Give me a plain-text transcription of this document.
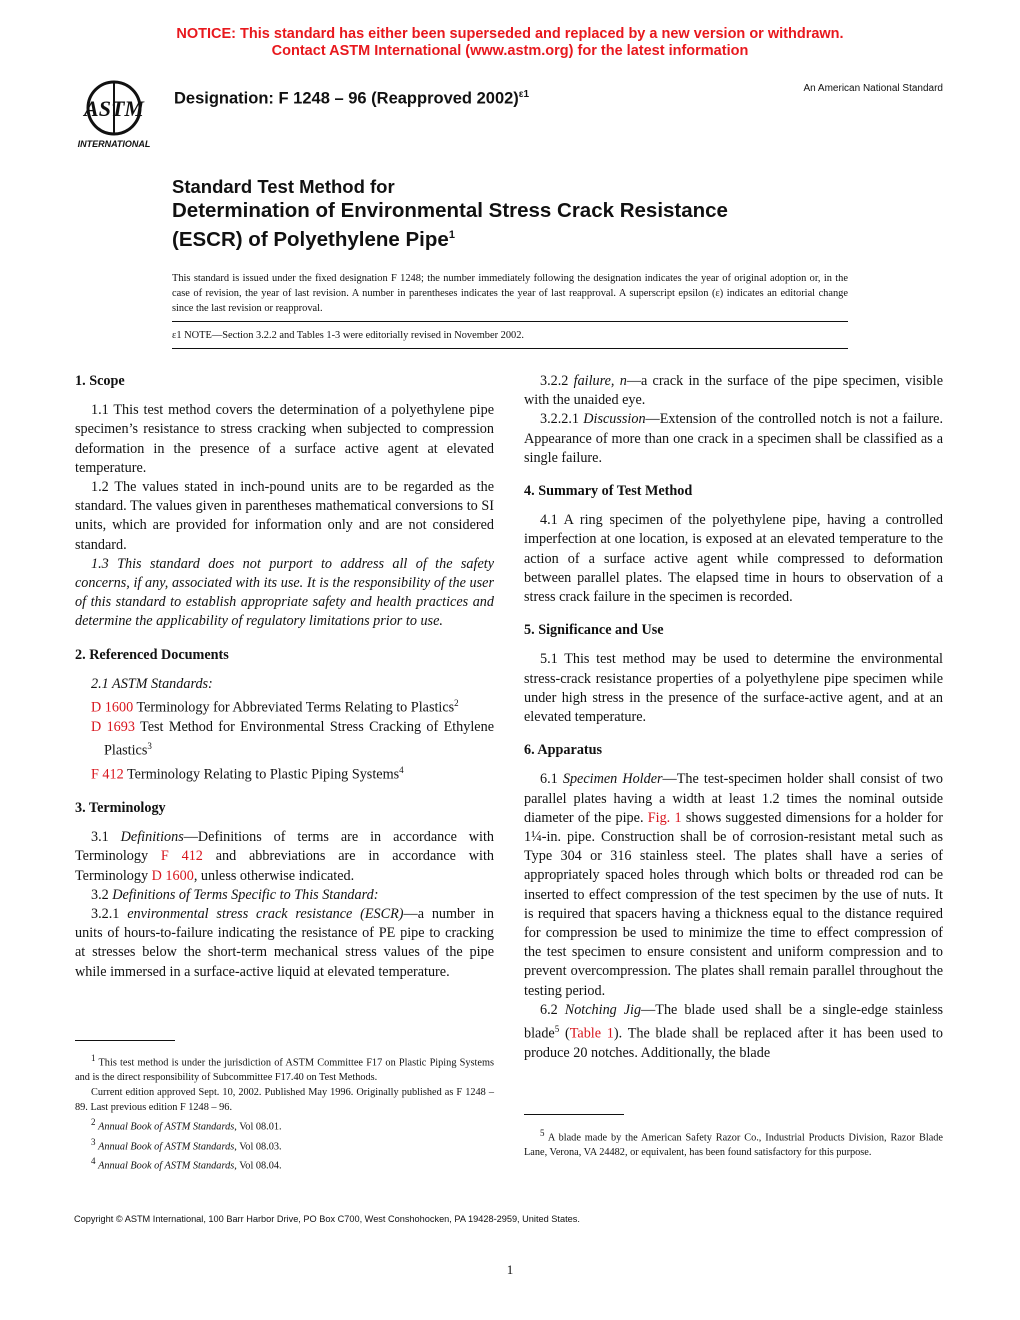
NOTICE: This standard has either been superseded and replaced by a new version or withdrawn.
Contact ASTM International (www.astm.org) for the latest information
ASTM
INTERNATIONAL
Designation: F 1248 – 96 (Reapproved 2002)$^{\varepsilon 1}$
An American National Standard
Standard Test Method for
Determination of Environmental Stress Crack Resistance
(ESCR) of Polyethylene Pipe$^1$
This standard is issued under the fixed designation F 1248; the number immediately following the designation indicates the year of original adoption or, in the case of revision, the year of last revision. A number in parentheses indicates the year of last reapproval. A superscript epsilon (ε) indicates an editorial change since the last revision or reapproval.
ε1 NOTE—Section 3.2.2 and Tables 1-3 were editorially revised in November 2002.
1. Scope

1.1 This test method covers the determination of a polyethylene pipe specimen’s resistance to stress cracking when subjected to compression deformation in the presence of a surface active agent at elevated temperature.

1.2 The values stated in inch-pound units are to be regarded as the standard. The values given in parentheses mathematical conversions to SI units, which are provided for information only and are not considered standard.

1.3 This standard does not purport to address all of the safety concerns, if any, associated with its use. It is the responsibility of the user of this standard to establish appropriate safety and health practices and determine the applicability of regulatory limitations prior to use.

2. Referenced Documents

2.1 ASTM Standards:

D 1600 Terminology for Abbreviated Terms Relating to Plastics$^2$

D 1693 Test Method for Environmental Stress Cracking of Ethylene Plastics$^3$

F 412 Terminology Relating to Plastic Piping Systems$^4$

3. Terminology

3.1 Definitions—Definitions of terms are in accordance with Terminology F 412 and abbreviations are in accordance with Terminology D 1600, unless otherwise indicated.

3.2 Definitions of Terms Specific to This Standard:

3.2.1 environmental stress crack resistance (ESCR)—a number in units of hours-to-failure indicating the resistance of PE pipe to cracking at stresses below the short-term mechanical stress values of the pipe while immersed in a surface-active liquid at elevated temperature.

$^1$ This test method is under the jurisdiction of ASTM Committee F17 on Plastic Piping Systems and is the direct responsibility of Subcommittee F17.40 on Test Methods.

Current edition approved Sept. 10, 2002. Published May 1996. Originally published as F 1248 – 89. Last previous edition F 1248 – 96.

$^2$ Annual Book of ASTM Standards, Vol 08.01.

$^3$ Annual Book of ASTM Standards, Vol 08.03.

$^4$ Annual Book of ASTM Standards, Vol 08.04.

3.2.2 failure, n—a crack in the surface of the pipe specimen, visible with the unaided eye.

3.2.2.1 Discussion—Extension of the controlled notch is not a failure. Appearance of more than one crack in a specimen shall be classified as a single failure.

4. Summary of Test Method

4.1 A ring specimen of the polyethylene pipe, having a controlled imperfection at one location, is exposed at an elevated temperature to the action of a surface active agent while compressed to deformation between parallel plates. The elapsed time in hours to observation of a stress crack failure in the specimen is recorded.

5. Significance and Use

5.1 This test method may be used to determine the environmental stress-crack resistance properties of a polyethylene pipe specimen while under high stress in the presence of the surface-active agent, and at an elevated temperature.

6. Apparatus

6.1 Specimen Holder—The test-specimen holder shall consist of two parallel plates having a width at least 1.2 times the nominal outside diameter of the pipe. Fig. 1 shows suggested dimensions for a holder for 1¼-in. pipe. Construction shall be of corrosion-resistant metal such as Type 304 or 316 stainless steel. The plates shall have a series of appropriately spaced holes through which bolts or threaded rod can be inserted to effect compression of the test specimen by the use of nuts. It is required that spacers having a thickness equal to the distance required for compression be used to minimize the time to effect compression of the test specimen to ensure consistent and uniform compression and to prevent overcompression. The plates shall remain parallel throughout the testing period.

6.2 Notching Jig—The blade used shall be a single-edge stainless blade$^5$ (Table 1). The blade shall be replaced after it has been used to produce 20 notches. Additionally, the blade

$^5$ A blade made by the American Safety Razor Co., Industrial Products Division, Razor Blade Lane, Verona, VA 24482, or equivalent, has been found satisfactory for this purpose.

Copyright © ASTM International, 100 Barr Harbor Drive, PO Box C700, West Conshohocken, PA 19428-2959, United States.
1
